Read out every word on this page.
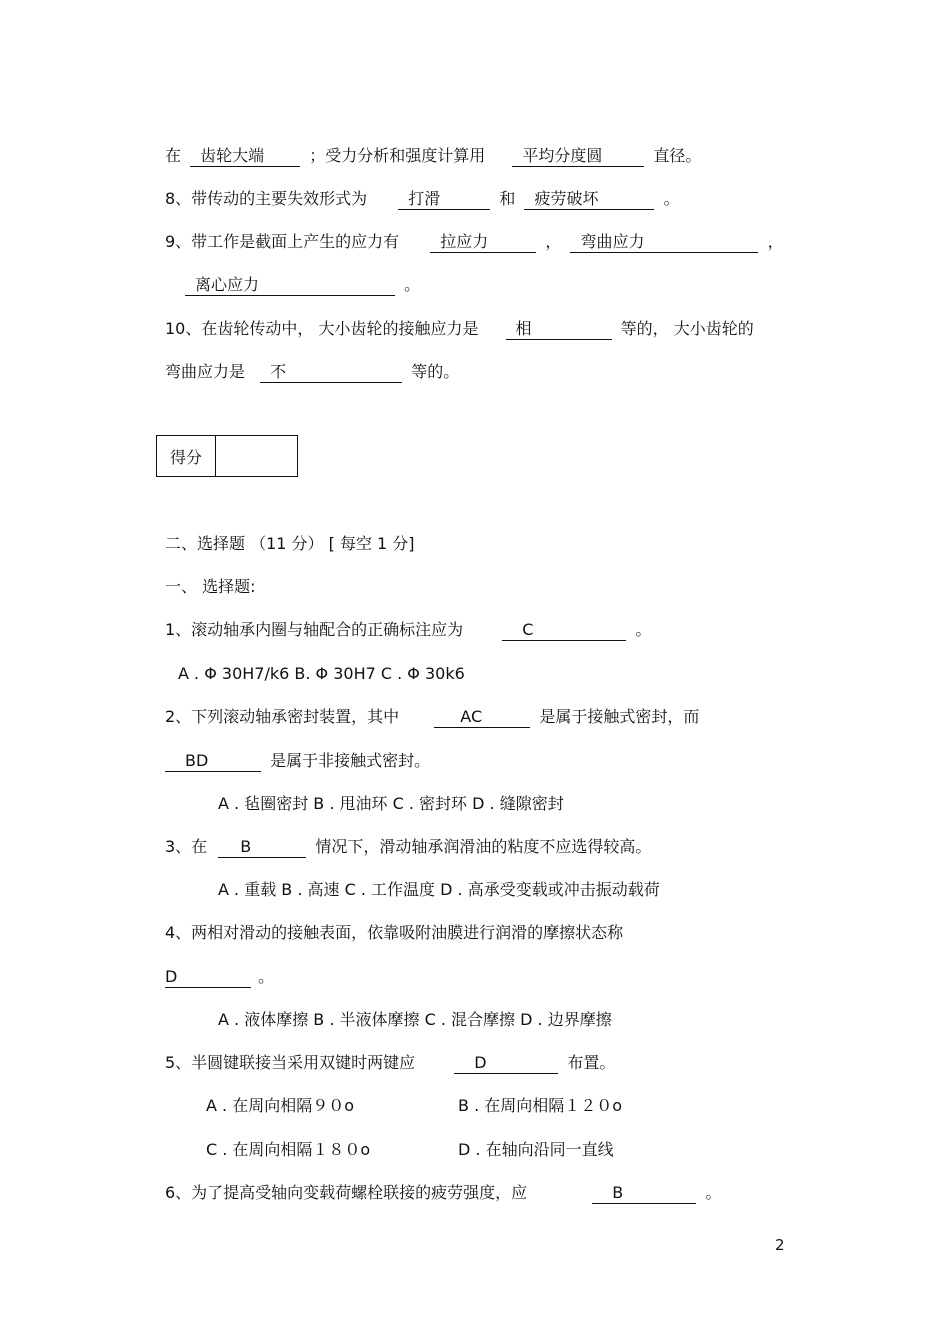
在 齿轮大端	；受力分析和强度计算用 平均分度圆	直径。
8、带传动的主要失效形式为	打滑	和 疲劳破坏	。
9、带工作是截面上产生的应力有	拉应力	， 弯曲应力	，
离心应力	。
10、在齿轮传动中， 大小齿轮的接触应力是 相	等的， 大小齿轮的
弯曲应力是 不	等的。
得分
二、选择题 （11 分） [ 每空 1 分]
一、 选择题:
1、滚动轴承内圈与轴配合的正确标注应为	C	。
A . Φ 30H7/k6 B. Φ 30H7 C . Φ 30k6
2、下列滚动轴承密封装置，其中	AC	是属于接触式密封，而
BD	是属于非接触式密封。
A . 毡圈密封 B . 甩油环 C . 密封环 D . 缝隙密封
3、在 B	情况下，滑动轴承润滑油的粘度不应选得较高。
A . 重载 B . 高速 C . 工作温度 D . 高承受变载或冲击振动载荷
4、两相对滑动的接触表面，依靠吸附油膜进行润滑的摩擦状态称
D	。
A . 液体摩擦 B . 半液体摩擦 C . 混合摩擦 D . 边界摩擦
5、半圆键联接当采用双键时两键应	D	布置。
A . 在周向相隔９０o	B . 在周向相隔１２０o
C . 在周向相隔１８０o	D . 在轴向沿同一直线
6、为了提高受轴向变载荷螺栓联接的疲劳强度，应	B	。
2
